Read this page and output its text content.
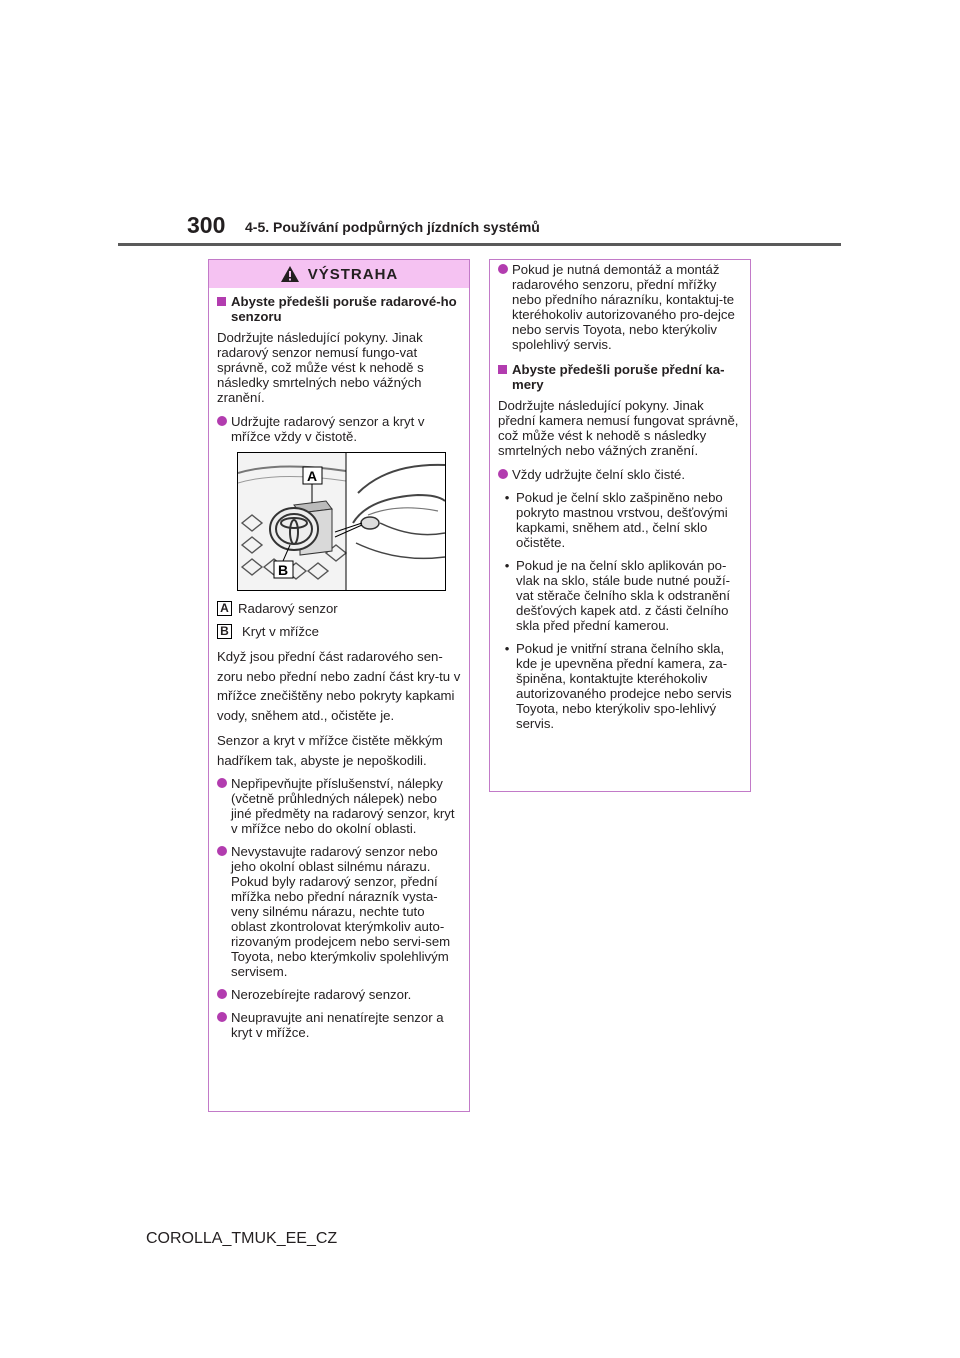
300 4-5. Používání podpůrných jízdních systémů
VÝSTRAHA
Abyste předešli poruše radarové-ho senzoru
Dodržujte následující pokyny. Jinak radarový senzor nemusí fungo-vat správně, což může vést k nehodě s následky smrtelných nebo vážných zranění.
Udržujte radarový senzor a kryt v mřížce vždy v čistotě.
A
B
A Radarový senzor
B Kryt v mřížce
Když jsou přední část radarového sen-zoru nebo přední nebo zadní část kry-tu v mřížce znečištěny nebo pokryty kapkami vody, sněhem atd., očistěte je.
Senzor a kryt v mřížce čistěte měkkým hadříkem tak, abyste je nepoškodili.
Nepřipevňujte příslušenství, nálepky (včetně průhledných nálepek) nebo jiné předměty na radarový senzor, kryt v mřížce nebo do okolní oblasti.
Nevystavujte radarový senzor nebo jeho okolní oblast silnému nárazu. Pokud byly radarový senzor, přední mřížka nebo přední nárazník vysta-veny silnému nárazu, nechte tuto oblast zkontrolovat kterýmkoliv auto-rizovaným prodejcem nebo servi-sem Toyota, nebo kterýmkoliv spolehlivým servisem.
Nerozebírejte radarový senzor.
Neupravujte ani nenatírejte senzor a kryt v mřížce.
Pokud je nutná demontáž a montáž radarového senzoru, přední mřížky nebo předního nárazníku, kontaktuj-te kteréhokoliv autorizovaného pro-dejce nebo servis Toyota, nebo kterýkoliv spolehlivý servis.
Abyste předešli poruše přední ka-mery
Dodržujte následující pokyny. Jinak přední kamera nemusí fungovat správně, což může vést k nehodě s následky smrtelných nebo vážných zranění.
Vždy udržujte čelní sklo čisté.
• Pokud je čelní sklo zašpiněno nebo pokryto mastnou vrstvou, dešťovými kapkami, sněhem atd., čelní sklo očistěte.
• Pokud je na čelní sklo aplikován po-vlak na sklo, stále bude nutné použí-vat stěrače čelního skla k odstranění dešťových kapek atd. z části čelního skla před přední kamerou.
• Pokud je vnitřní strana čelního skla, kde je upevněna přední kamera, za-špiněna, kontaktujte kteréhokoliv autorizovaného prodejce nebo servis Toyota, nebo kterýkoliv spo-lehlivý servis.
COROLLA_TMUK_EE_CZ
